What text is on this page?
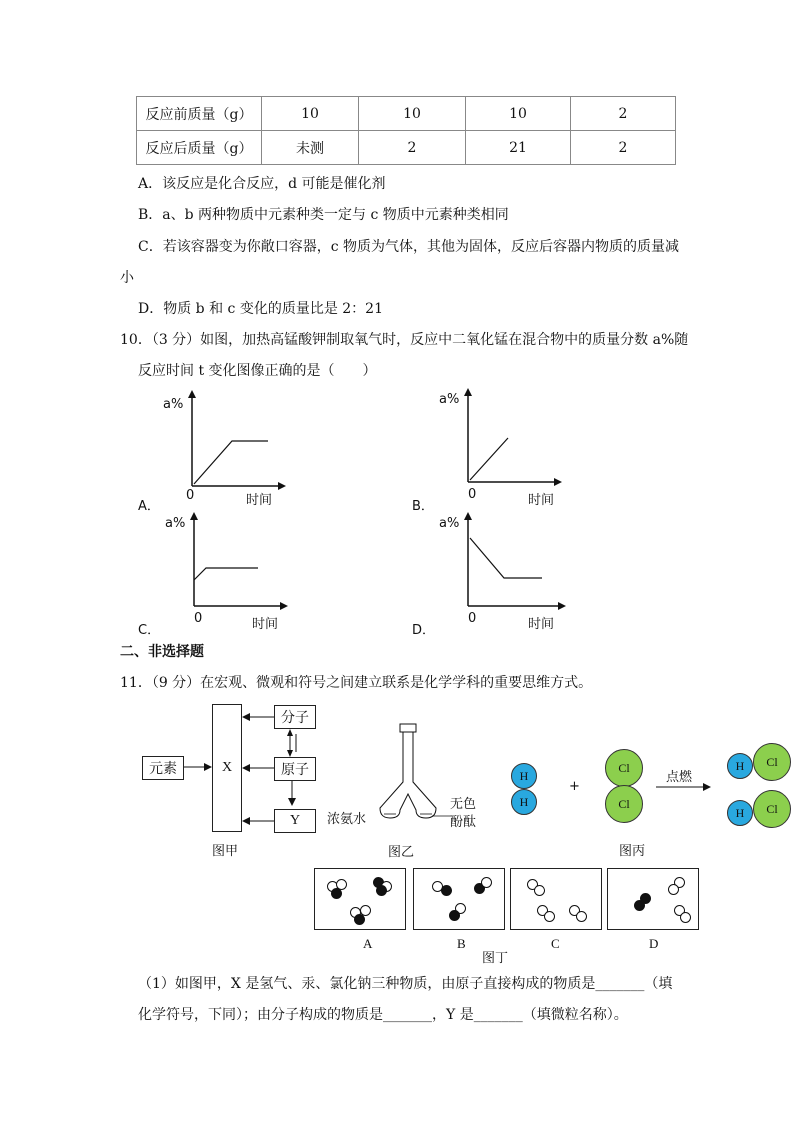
反应前质量（g）	10	10	10	2
反应后质量（g）	未测	2	21	2
A．该反应是化合反应，d 可能是催化剂
B．a、b 两种物质中元素种类一定与 c 物质中元素种类相同
C．若该容器变为你敞口容器，c 物质为气体，其他为固体，反应后容器内物质的质量减
小
D．物质 b 和 c 变化的质量比是 2：21
10．（3 分）如图，加热高锰酸钾制取氧气时，反应中二氧化锰在混合物中的质量分数 a%随
反应时间 t 变化图像正确的是（　　）
a%
0	时间
A．
a%
0	时间
B．
a%
0	时间
C．
a%
0	时间
D．
二、非选择题
11．（9 分）在宏观、微观和符号之间建立联系是化学学科的重要思维方式。
元素	X
分子
原子
Y
图甲
浓氨水
无色
酚酞
图乙
H
H
+
Cl
Cl
点燃
H	Cl
H	Cl
图丙
A	B	C	D
图丁
（1）如图甲，X 是氢气、汞、氯化钠三种物质，由原子直接构成的物质是_______（填
化学符号，下同）；由分子构成的物质是_______，Y 是_______（填微粒名称）。
